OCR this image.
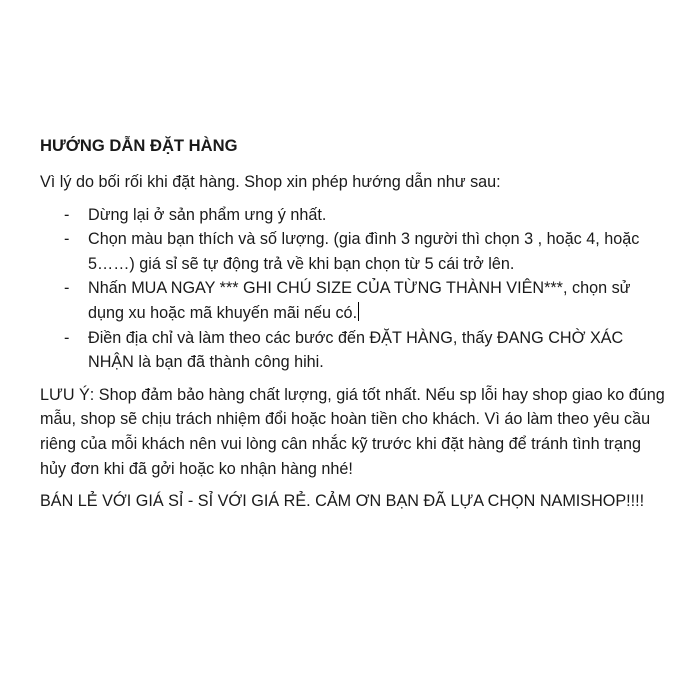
HƯỚNG DẪN ĐẶT HÀNG
Vì lý do bối rối khi đặt hàng. Shop xin phép hướng dẫn như sau:
- Dừng lại ở sản phẩm ưng ý nhất.
- Chọn màu bạn thích và số lượng. (gia đình 3 người thì chọn 3 , hoặc 4, hoặc 5……) giá sỉ sẽ tự động trả về khi bạn chọn từ 5 cái trở lên.
- Nhấn MUA NGAY *** GHI CHÚ SIZE CỦA TỪNG THÀNH VIÊN***, chọn sử dụng xu hoặc mã khuyến mãi nếu có.
- Điền địa chỉ và làm theo các bước đến ĐẶT HÀNG, thấy ĐANG CHỜ XÁC NHẬN là bạn đã thành công hihi.
LƯU Ý: Shop đảm bảo hàng chất lượng, giá tốt nhất. Nếu sp lỗi hay shop giao ko đúng mẫu, shop sẽ chịu trách nhiệm đổi hoặc hoàn tiền cho khách. Vì áo làm theo yêu cầu riêng của mỗi khách nên vui lòng cân nhắc kỹ trước khi đặt hàng để tránh tình trạng hủy đơn khi đã gởi hoặc ko nhận hàng nhé!
BÁN LẺ VỚI GIÁ SỈ - SỈ VỚI GIÁ RẺ. CẢM ƠN BẠN ĐÃ LỰA CHỌN NAMISHOP!!!!
